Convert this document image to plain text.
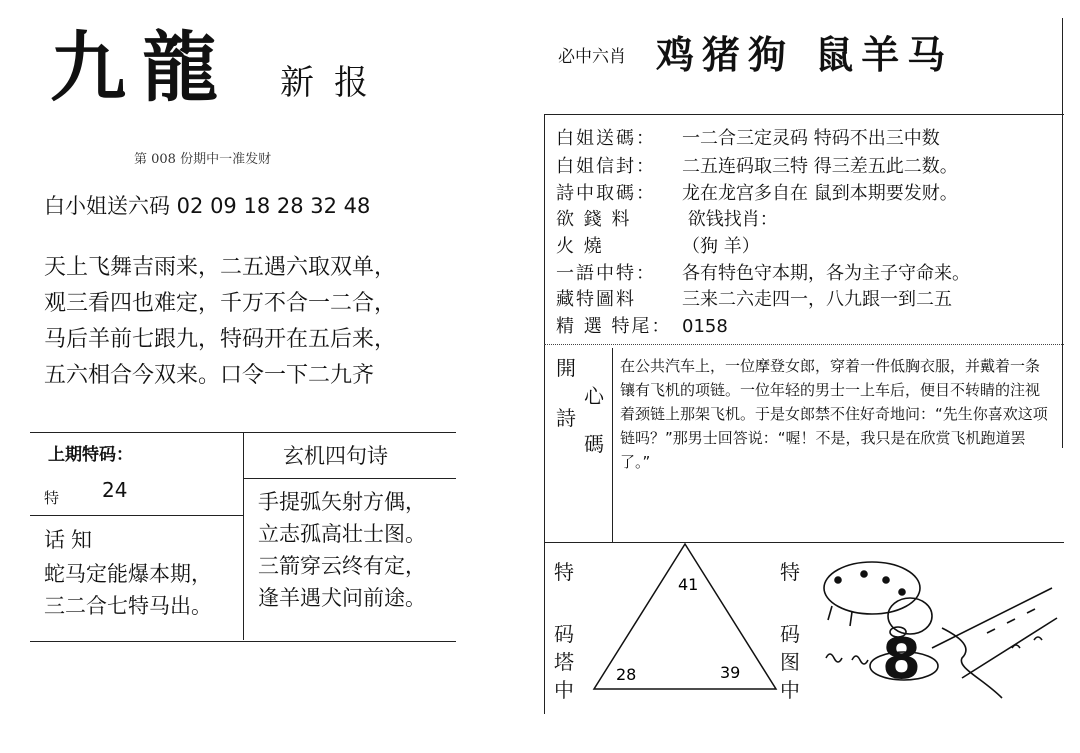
九龍 新报
第 008 份期中一准发财
白小姐送六码 02 09 18 28 32 48
天上飞舞吉雨来，二五遇六取双单，
观三看四也难定，千万不合一二合，
马后羊前七跟九，特码开在五后来，
五六相合今双来。口令一下二九齐
上期特码：
特 24
话知
蛇马定能爆本期，
三二合七特马出。
玄机四句诗
手提弧矢射方偶，
立志孤高壮士图。
三箭穿云终有定，
逢羊遇犬问前途。
必中六肖 鸡猪狗 鼠羊马
白姐送碼： 一二合三定灵码 特码不出三中数
白姐信封： 二五连码取三特 得三差五此二数。
詩中取碼： 龙在龙宫多自在 鼠到本期要发财。
欲 錢 料	欲钱找肖：
火 燒	（狗 羊）
一語中特： 各有特色守本期，各为主子守命来。
藏特圖料	三来二六走四一，八九跟一到二五
精 選 特尾： 0158
開
心
詩
碼
在公共汽车上，一位摩登女郎，穿着一件低胸衣服，并戴着一条镶有飞机的项链。一位年轻的男士一上车后，便目不转睛的注视着颈链上那架飞机。于是女郎禁不住好奇地问：“先生你喜欢这项链吗？”那男士回答说：“喔！不是，我只是在欣赏飞机跑道罢了。”
特
码塔中
41
28	39
特
码图中 8
